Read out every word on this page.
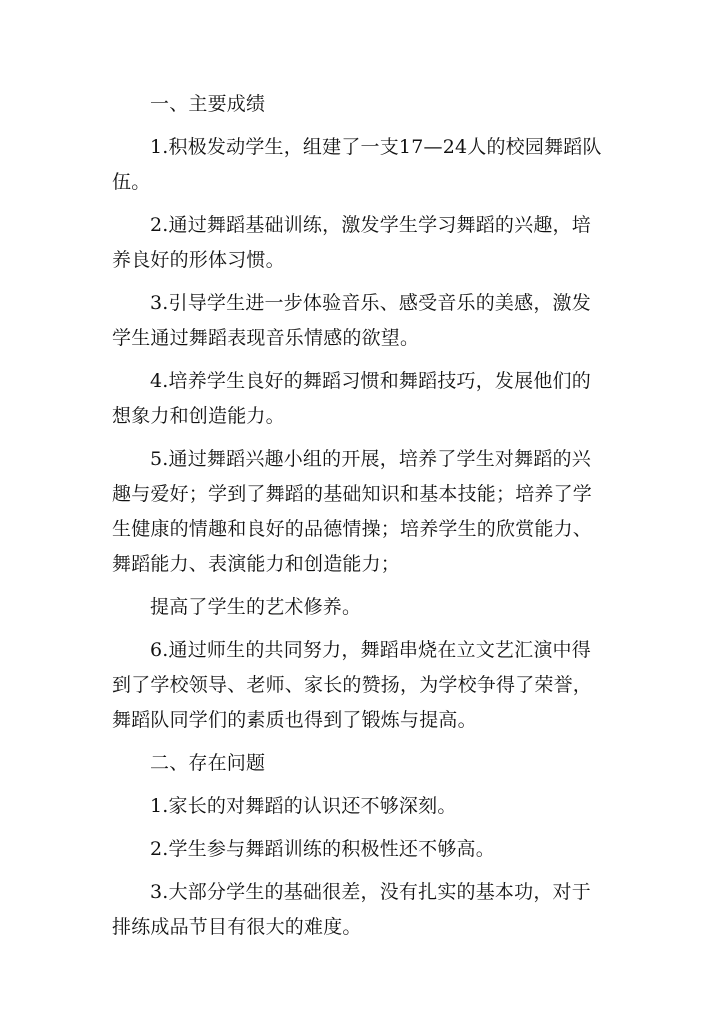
一、主要成绩

1.积极发动学生，组建了一支17—24人的校园舞蹈队伍。

2.通过舞蹈基础训练，激发学生学习舞蹈的兴趣，培养良好的形体习惯。

3.引导学生进一步体验音乐、感受音乐的美感，激发学生通过舞蹈表现音乐情感的欲望。

4.培养学生良好的舞蹈习惯和舞蹈技巧，发展他们的想象力和创造能力。

5.通过舞蹈兴趣小组的开展，培养了学生对舞蹈的兴趣与爱好；学到了舞蹈的基础知识和基本技能；培养了学生健康的情趣和良好的品德情操；培养学生的欣赏能力、舞蹈能力、表演能力和创造能力；

提高了学生的艺术修养。

6.通过师生的共同努力，舞蹈串烧在立文艺汇演中得到了学校领导、老师、家长的赞扬，为学校争得了荣誉，舞蹈队同学们的素质也得到了锻炼与提高。

二、存在问题

1.家长的对舞蹈的认识还不够深刻。

2.学生参与舞蹈训练的积极性还不够高。

3.大部分学生的基础很差，没有扎实的基本功，对于排练成品节目有很大的难度。
